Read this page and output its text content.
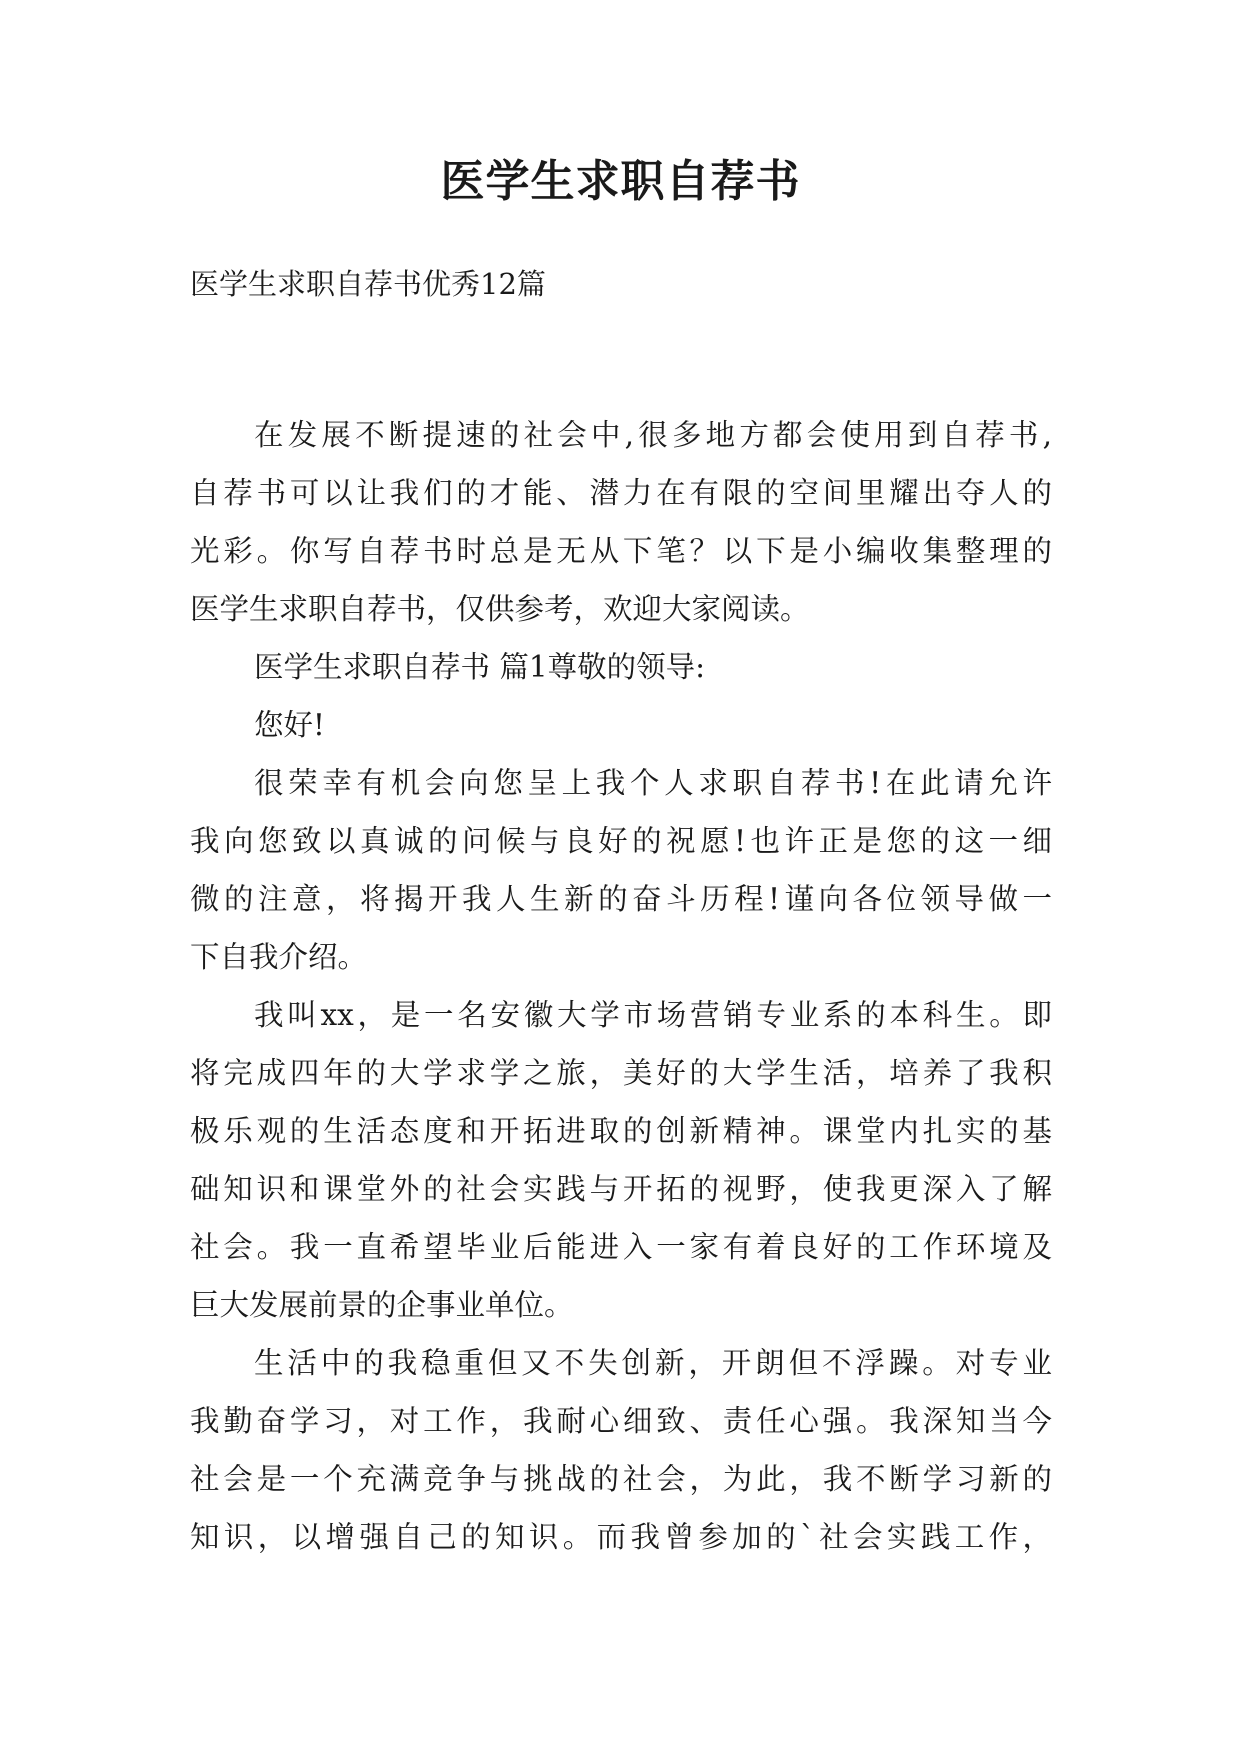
医学生求职自荐书

医学生求职自荐书优秀12篇

在发展不断提速的社会中,很多地方都会使用到自荐书,
自荐书可以让我们的才能、潜力在有限的空间里耀出夺人的
光彩。你写自荐书时总是无从下笔？以下是小编收集整理的
医学生求职自荐书，仅供参考，欢迎大家阅读。
医学生求职自荐书 篇1尊敬的领导:
您好!
很荣幸有机会向您呈上我个人求职自荐书!在此请允许
我向您致以真诚的问候与良好的祝愿!也许正是您的这一细
微的注意，将揭开我人生新的奋斗历程!谨向各位领导做一
下自我介绍。
我叫xx，是一名安徽大学市场营销专业系的本科生。即
将完成四年的大学求学之旅，美好的大学生活，培养了我积
极乐观的生活态度和开拓进取的创新精神。课堂内扎实的基
础知识和课堂外的社会实践与开拓的视野，使我更深入了解
社会。我一直希望毕业后能进入一家有着良好的工作环境及
巨大发展前景的企事业单位。
生活中的我稳重但又不失创新，开朗但不浮躁。对专业
我勤奋学习，对工作，我耐心细致、责任心强。我深知当今
社会是一个充满竞争与挑战的社会，为此，我不断学习新的
知识，以增强自己的知识。而我曾参加的`社会实践工作，
